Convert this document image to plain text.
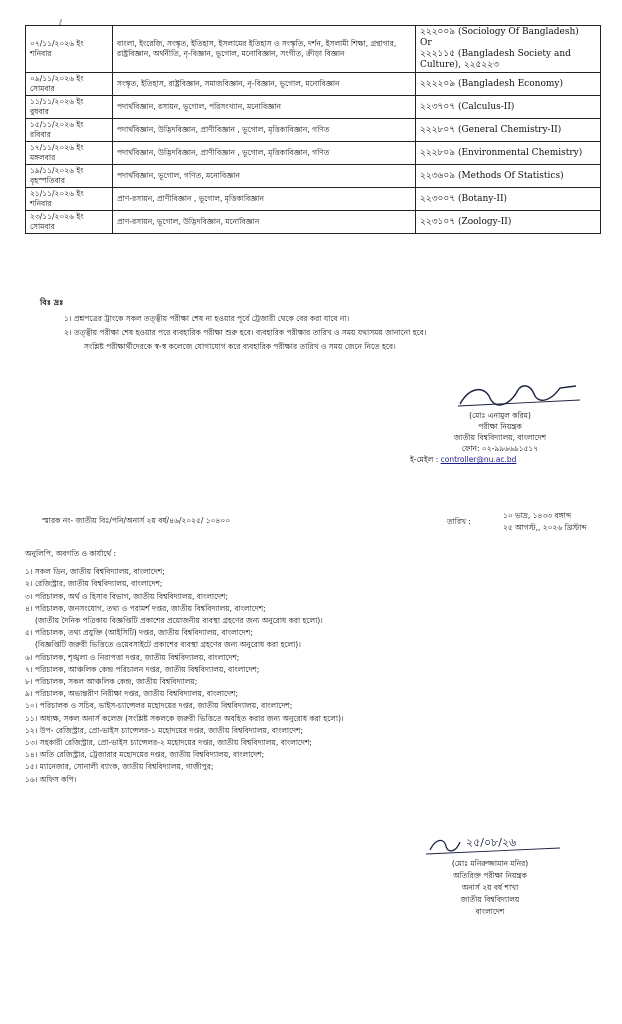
ℓ
০৭/১১/২০২৬ ইং
শনিবার	বাংলা, ইংরেজি, সংস্কৃত, ইতিহাস, ইসলামের ইতিহাস ও সংস্কৃতি, দর্শন, ইসলামী শিক্ষা, গ্রন্থাগার, রাষ্ট্রবিজ্ঞান, অর্থনীতি, নৃ-বিজ্ঞান, ভূগোল, মনোবিজ্ঞান, সংগীত, ক্রীড়া বিজ্ঞান	২২২০০৯ (Sociology Of Bangladesh)
Or
২২২১১৫ (Bangladesh Society and
Culture), ২২৫২২৩

০৯/১১/২০২৬ ইং
সোমবার	সংস্কৃত, ইতিহাস, রাষ্ট্রবিজ্ঞান, সমাজবিজ্ঞান, নৃ-বিজ্ঞান, ভূগোল, মনোবিজ্ঞান	২২২২০৯ (Bangladesh Economy)

১১/১১/২০২৬ ইং
বুধবার	পদার্থবিজ্ঞান, রসায়ন, ভূগোল, পরিসংখ্যান, মনোবিজ্ঞান	২২৩৭০৭ (Calculus-II)

১৫/১১/২০২৬ ইং
রবিবার	পদার্থবিজ্ঞান, উদ্ভিদবিজ্ঞান, প্রাণীবিজ্ঞান , ভূগোল, মৃত্তিকাবিজ্ঞান, গণিত	২২২৮০৭ (General Chemistry-II)

১৭/১১/২০২৬ ইং
মঙ্গলবার	পদার্থবিজ্ঞান, উদ্ভিদবিজ্ঞান, প্রাণীবিজ্ঞান , ভূগোল, মৃত্তিকাবিজ্ঞান, গণিত	২২২৮০৯ (Environmental Chemistry)

১৯/১১/২০২৬ ইং
বৃহস্পতিবার	পদার্থবিজ্ঞান, ভূগোল, গণিত, মনোবিজ্ঞান	২২৩৬০৯ (Methods Of Statistics)

২১/১১/২০২৬ ইং
শনিবার	প্রাণ-রসায়ন, প্রাণীবিজ্ঞান , ভূগোল, মৃত্তিকাবিজ্ঞান	২২৩০০৭ (Botany-II)

২৩/১১/২০২৬ ইং
সোমবার	প্রাণ-রসায়ন, ভূগোল, উদ্ভিদবিজ্ঞান, মনোবিজ্ঞান	২২৩১০৭ (Zoology-II)
বিঃ দ্রঃ
১। প্রশ্নপত্রের ট্রাংকে সকল তত্ত্বীয় পরীক্ষা শেষ না হওয়ার পূর্বে ট্রেজারী থেকে বের করা যাবে না।
২। তত্ত্বীয় পরীক্ষা শেষ হওয়ার পরে ব্যবহারিক পরীক্ষা শুরু হবে। ব্যবহারিক পরীক্ষার তারিখ ও সময় যথাসময় জানানো হবে।
সংশ্লিষ্ট পরীক্ষার্থীদেরকে স্ব-স্ব কলেজে যোগাযোগ করে ব্যবহারিক পরীক্ষার তারিখ ও সময় জেনে নিতে হবে।
(মোঃ এনামুল করিম)
পরীক্ষা নিয়ন্ত্রক
জাতীয় বিশ্ববিদ্যালয়, বাংলাদেশ
ফোন: ০২-৯৯৬৬৯১৫১৭
ই-মেইল : controller@nu.ac.bd
স্মারক নং- জাতীয় বিঃ/পনি/অনার্স ২য় বর্ষ/৪৬/২০২৫/ ১০৪০০	তারিখ :
১০ ভাদ্র, ১৪৩৩ বঙ্গাব্দ
২৫ আগস্ট,, ২০২৬ খ্রিস্টাব্দ
অনুলিপি, অবগতি ও কার্যার্থে :
১। সকল ডিন, জাতীয় বিশ্ববিদ্যালয়, বাংলাদেশ;
২। রেজিস্ট্রার, জাতীয় বিশ্ববিদ্যালয়, বাংলাদেশ;
৩। পরিচালক, অর্থ ও হিসাব বিভাগ, জাতীয় বিশ্ববিদ্যালয়, বাংলাদেশ;
৪। পরিচালক, জনসংযোগ, তথ্য ও পরামর্শ দপ্তর, জাতীয় বিশ্ববিদ্যালয়, বাংলাদেশ;
(জাতীয় দৈনিক পত্রিকায় বিজ্ঞপ্তিটি প্রকাশের প্রয়োজনীয় ব্যবস্থা গ্রহণের জন্য অনুরোধ করা হলো)।
৫। পরিচালক, তথ্য প্রযুক্তি (আইসিটি) দপ্তর, জাতীয় বিশ্ববিদ্যালয়, বাংলাদেশ;
(বিজ্ঞপ্তিটি জরুরী ভিত্তিতে ওয়েবসাইটে প্রকাশের ব্যবস্থা গ্রহণের জন্য অনুরোধ করা হলো)।
৬। পরিচালক, শৃঙ্খলা ও নিরাপত্তা দপ্তর, জাতীয় বিশ্ববিদ্যালয়, বাংলাদেশ;
৭। পরিচালক, আঞ্চলিক কেন্দ্র পরিচালন দপ্তর, জাতীয় বিশ্ববিদ্যালয়, বাংলাদেশ;
৮। পরিচালক, সকল আঞ্চলিক কেন্দ্র, জাতীয় বিশ্ববিদ্যালয়;
৯। পরিচালক, অভ্যন্তরীণ নিরীক্ষা দপ্তর, জাতীয় বিশ্ববিদ্যালয়, বাংলাদেশ;
১০। পরিচালক ও সচিব, ভাইস-চ্যান্সেলর মহোদয়ের দপ্তর, জাতীয় বিশ্ববিদ্যালয়, বাংলাদেশ;
১১। অধ্যক্ষ, সকল অনার্স কলেজ (সংশ্লিষ্ট সকলকে জরুরী ভিত্তিতে অবহিত করার জন্য অনুরোধ করা হলো)।
১২। উপ- রেজিস্ট্রার, প্রো-ভাইস চ্যান্সেলর-১ মহোদয়ের দপ্তর, জাতীয় বিশ্ববিদ্যালয়, বাংলাদেশ;
১৩। সহকারী রেজিস্ট্রার, প্রো-ভাইস চ্যান্সেলর-২ মহোদয়ের দপ্তর, জাতীয় বিশ্ববিদ্যালয়, বাংলাদেশ;
১৪। অতি রেজিস্ট্রার, ট্রেজারার মহোদয়ের দপ্তর, জাতীয় বিশ্ববিদ্যালয়, বাংলাদেশ;
১৫। ম্যানেজার, সোনালী ব্যাংক, জাতীয় বিশ্ববিদ্যালয়, গাজীপুর;
১৬। অফিস কপি।
২৫/০৮/২৬
(মোঃ মনিরুজ্জামান মনির)
অতিরিক্ত পরীক্ষা নিয়ন্ত্রক
অনার্স ২য় বর্ষ শাখা
জাতীয় বিশ্ববিদ্যালয়
বাংলাদেশ
